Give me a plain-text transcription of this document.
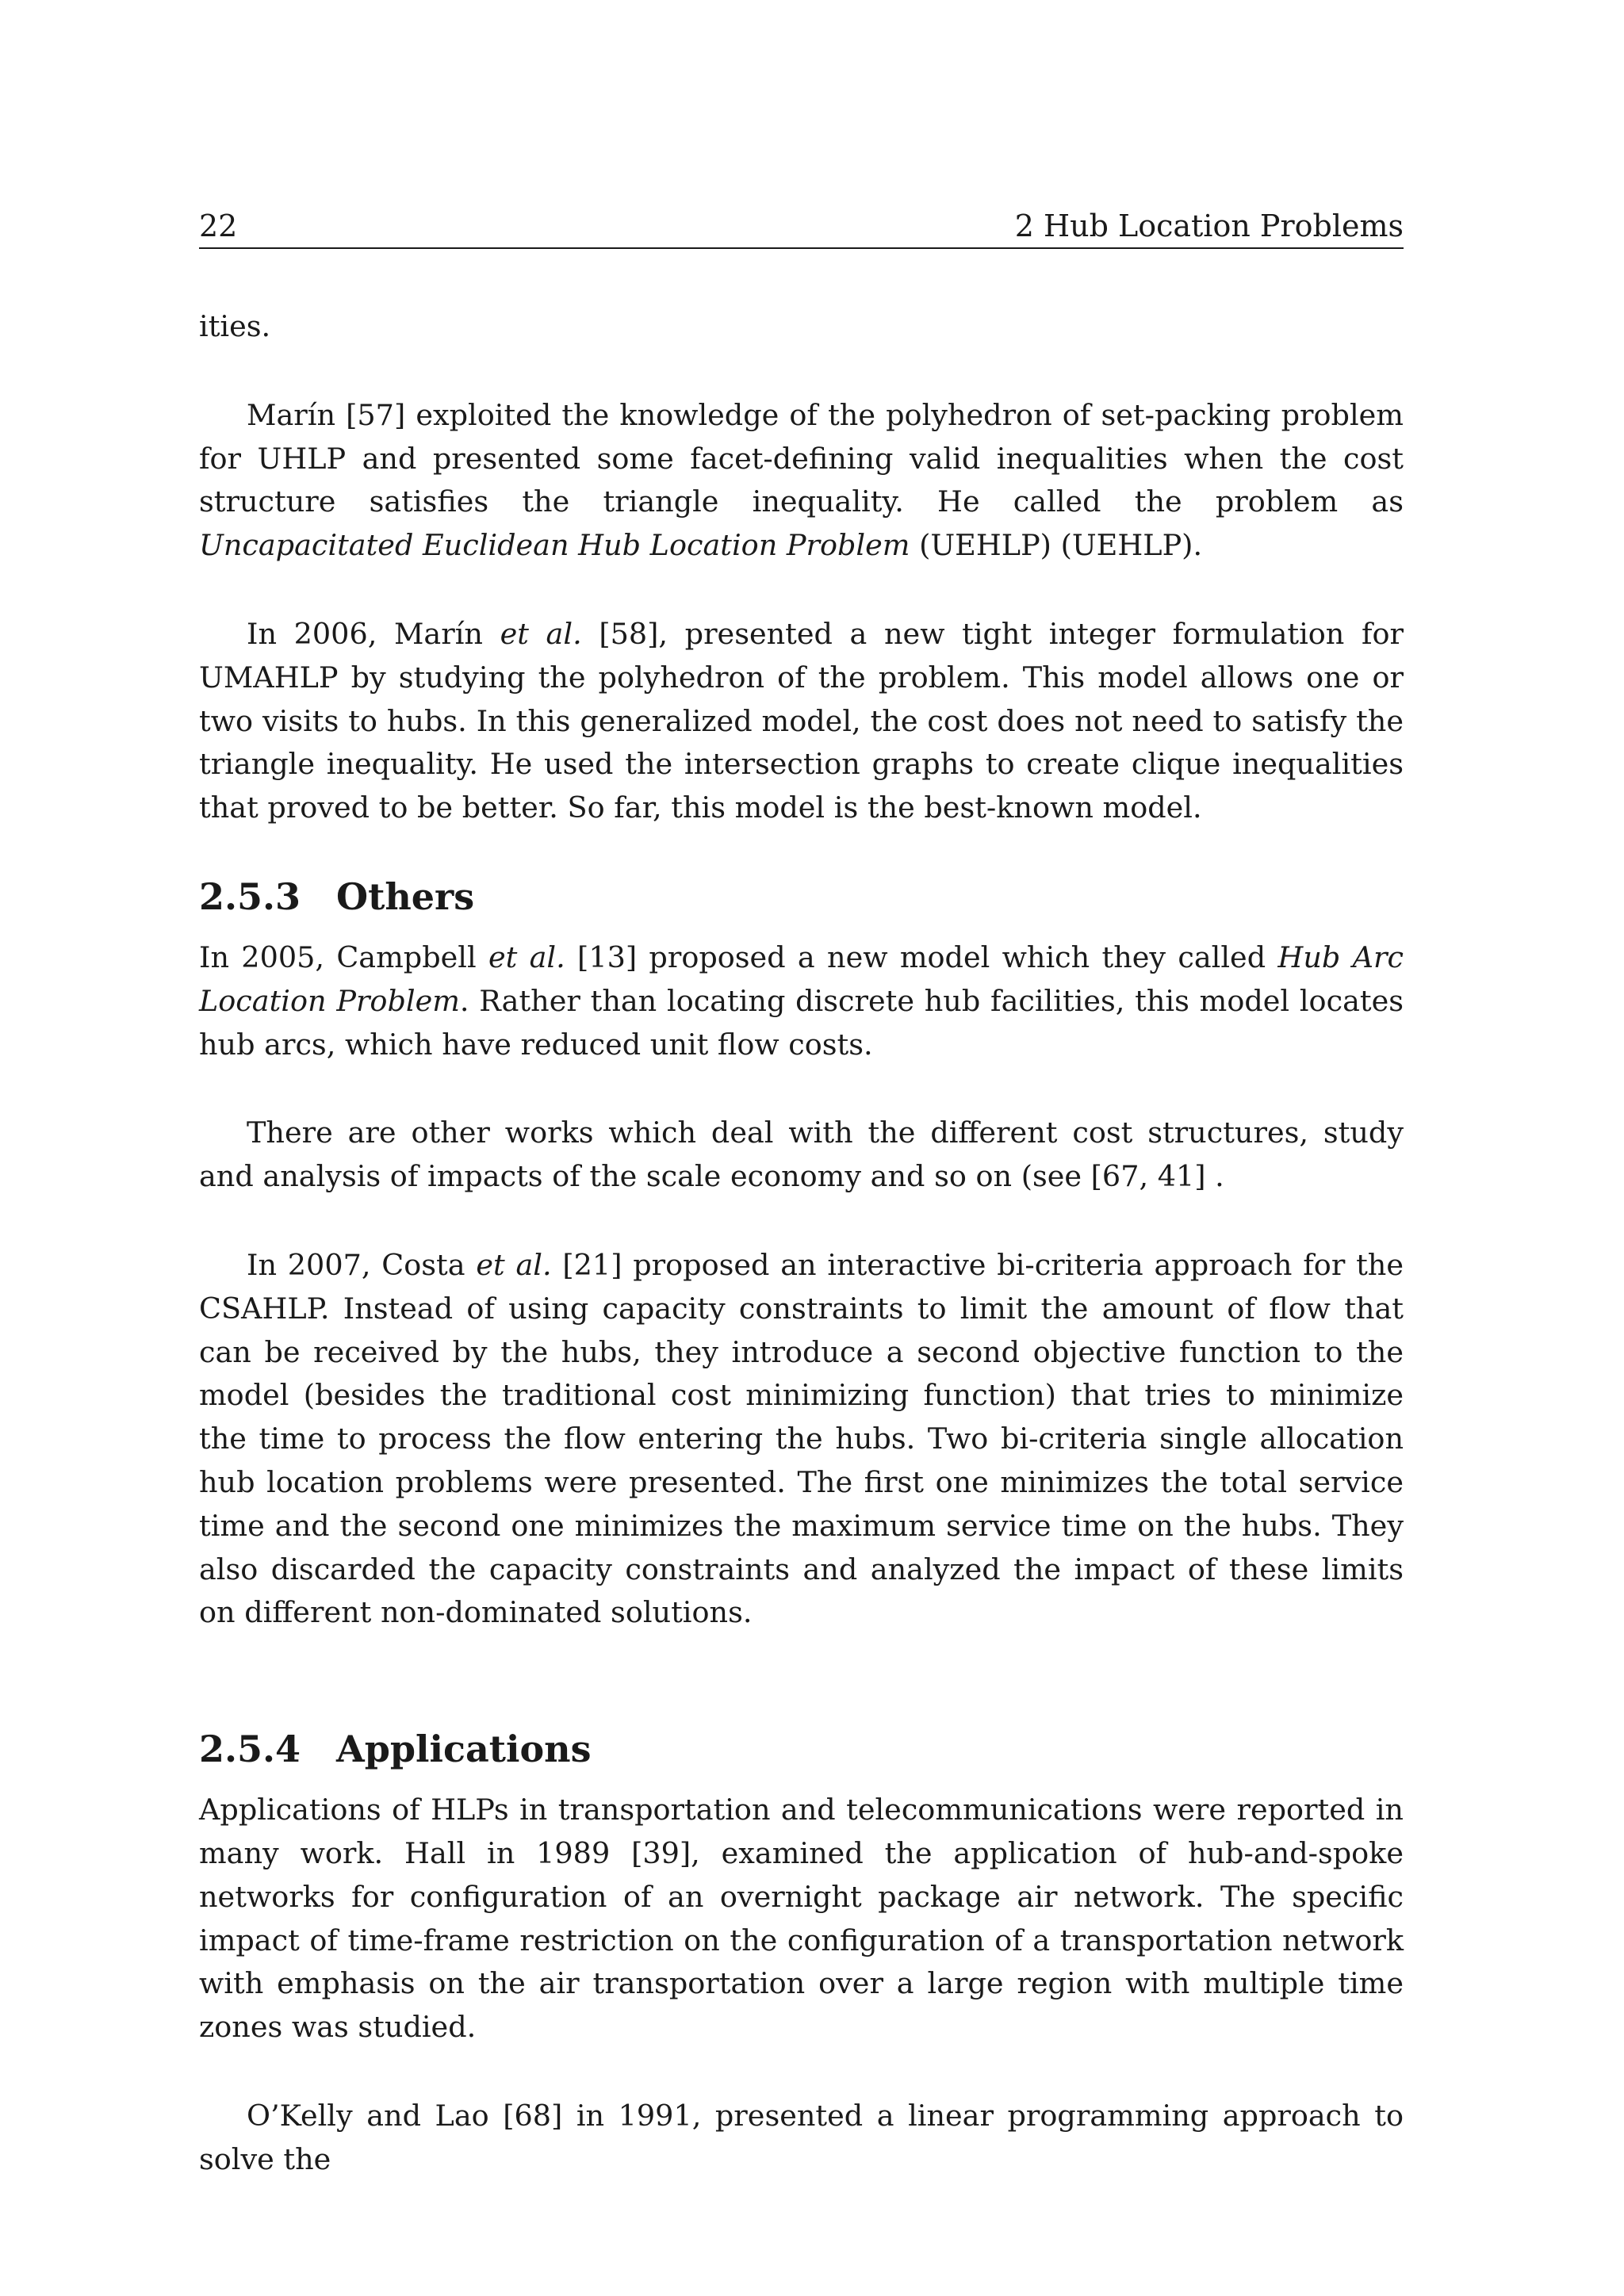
22	2 Hub Location Problems

ities.

Marín [57] exploited the knowledge of the polyhedron of set-packing problem for UHLP and presented some facet-defining valid inequalities when the cost structure satisfies the triangle inequality. He called the problem as Uncapacitated Euclidean Hub Location Problem (UEHLP) (UEHLP).

In 2006, Marín et al. [58], presented a new tight integer formulation for UMAHLP by studying the polyhedron of the problem. This model allows one or two visits to hubs. In this generalized model, the cost does not need to satisfy the triangle inequality. He used the intersection graphs to create clique inequalities that proved to be better. So far, this model is the best-known model.

2.5.3 Others

In 2005, Campbell et al. [13] proposed a new model which they called Hub Arc Location Problem. Rather than locating discrete hub facilities, this model locates hub arcs, which have reduced unit flow costs.

There are other works which deal with the different cost structures, study and analysis of impacts of the scale economy and so on (see [67, 41] .

In 2007, Costa et al. [21] proposed an interactive bi-criteria approach for the CSAHLP. Instead of using capacity constraints to limit the amount of flow that can be received by the hubs, they introduce a second objective function to the model (besides the traditional cost minimizing function) that tries to minimize the time to process the flow entering the hubs. Two bi-criteria single allocation hub location problems were presented. The first one minimizes the total service time and the second one minimizes the maximum service time on the hubs. They also discarded the capacity constraints and analyzed the impact of these limits on different non-dominated solutions.

2.5.4 Applications

Applications of HLPs in transportation and telecommunications were reported in many work. Hall in 1989 [39], examined the application of hub-and-spoke networks for configuration of an overnight package air network. The specific impact of time-frame restriction on the configuration of a transportation network with emphasis on the air transportation over a large region with multiple time zones was studied.

O’Kelly and Lao [68] in 1991, presented a linear programming approach to solve the
